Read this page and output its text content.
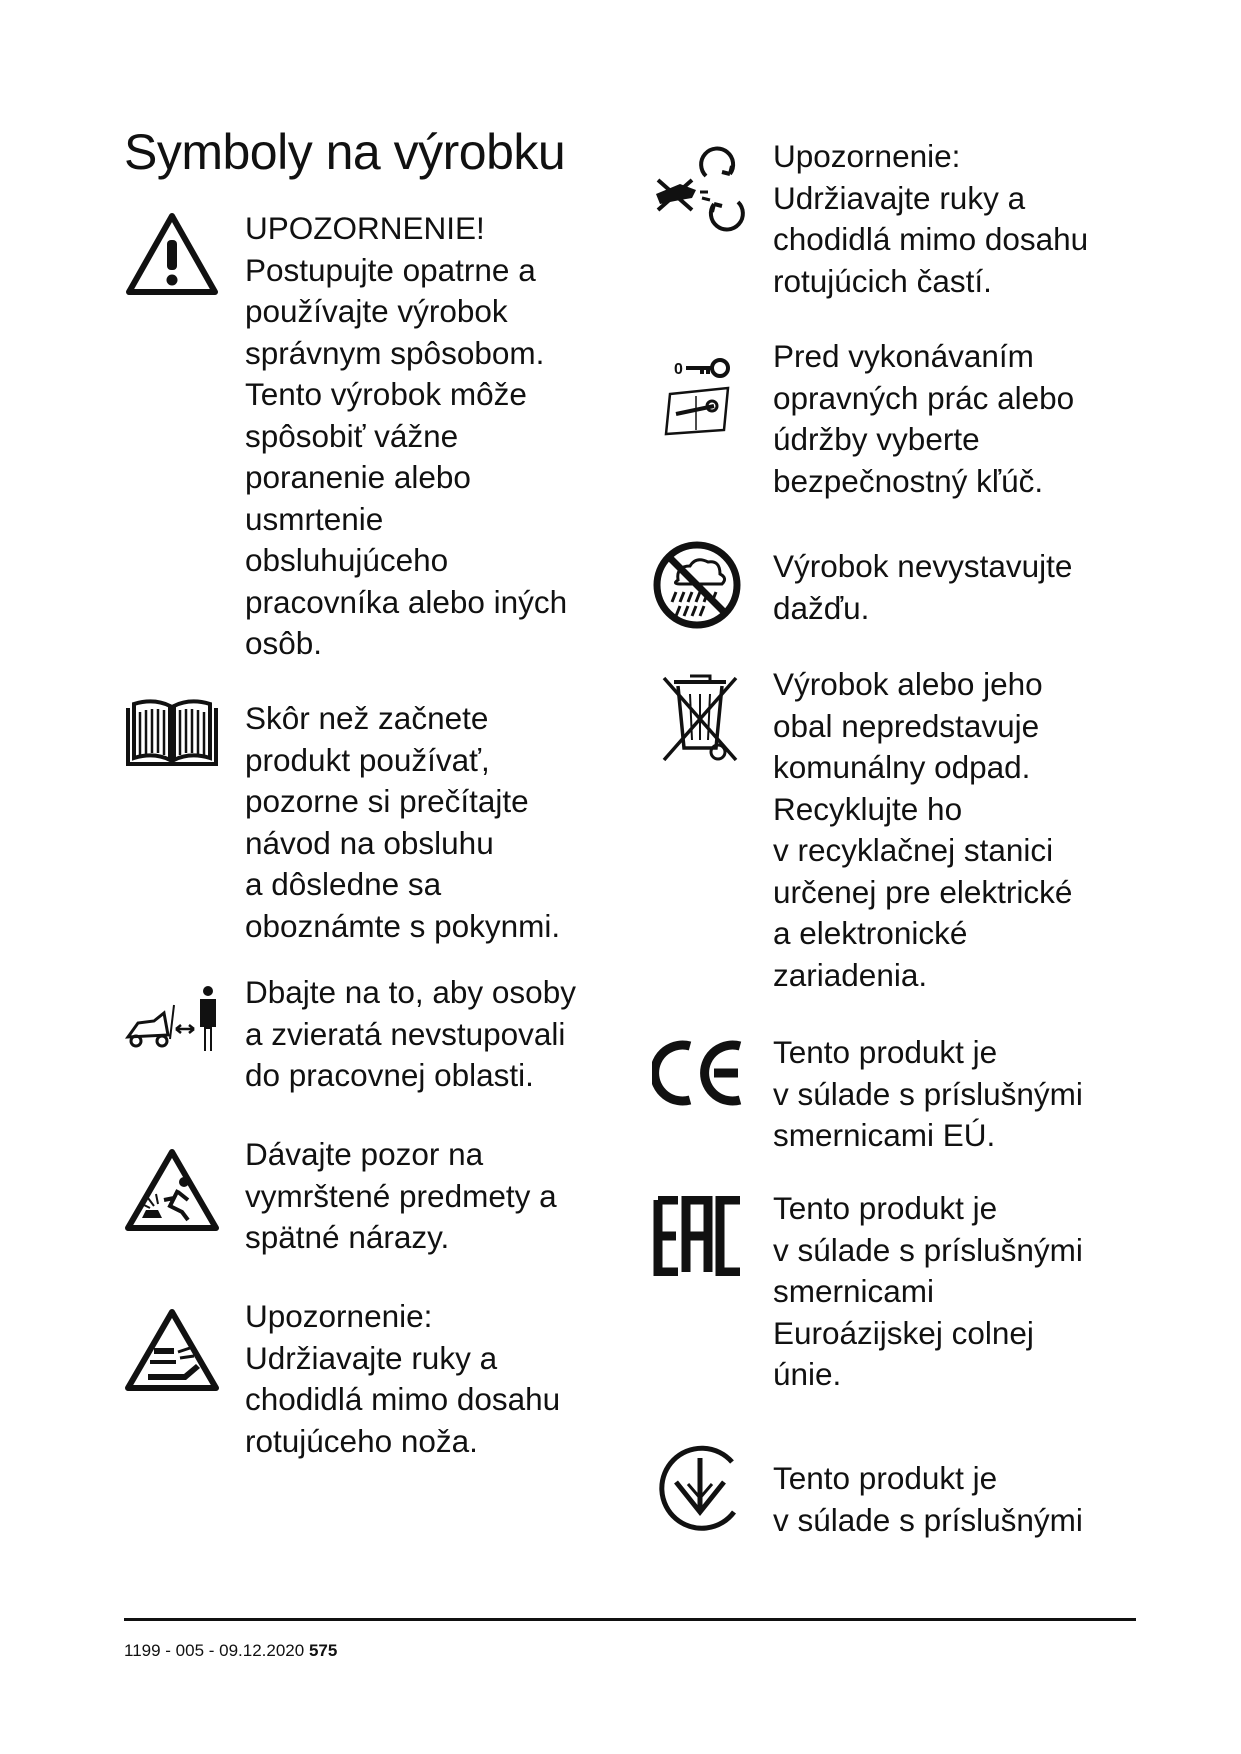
Symboly na výrobku
UPOZORNENIE!
Postupujte opatrne a
používajte výrobok
správnym spôsobom.
Tento výrobok môže
spôsobiť vážne
poranenie alebo
usmrtenie
obsluhujúceho
pracovníka alebo iných
osôb.
Skôr než začnete
produkt používať,
pozorne si prečítajte
návod na obsluhu
a dôsledne sa
oboznámte s pokynmi.
Dbajte na to, aby osoby
a zvieratá nevstupovali
do pracovnej oblasti.
Dávajte pozor na
vymrštené predmety a
spätné nárazy.
Upozornenie:
Udržiavajte ruky a
chodidlá mimo dosahu
rotujúceho noža.
Upozornenie:
Udržiavajte ruky a
chodidlá mimo dosahu
rotujúcich častí.
0	Pred vykonávaním
opravných prác alebo
údržby vyberte
bezpečnostný kľúč.
Výrobok nevystavujte
dažďu.
Výrobok alebo jeho
obal nepredstavuje
komunálny odpad.
Recyklujte ho
v recyklačnej stanici
určenej pre elektrické
a elektronické
zariadenia.
Tento produkt je
v súlade s príslušnými
smernicami EÚ.
Tento produkt je
v súlade s príslušnými
smernicami
Euroázijskej colnej
únie.
Tento produkt je
v súlade s príslušnými
1199 - 005 - 09.12.2020 575
